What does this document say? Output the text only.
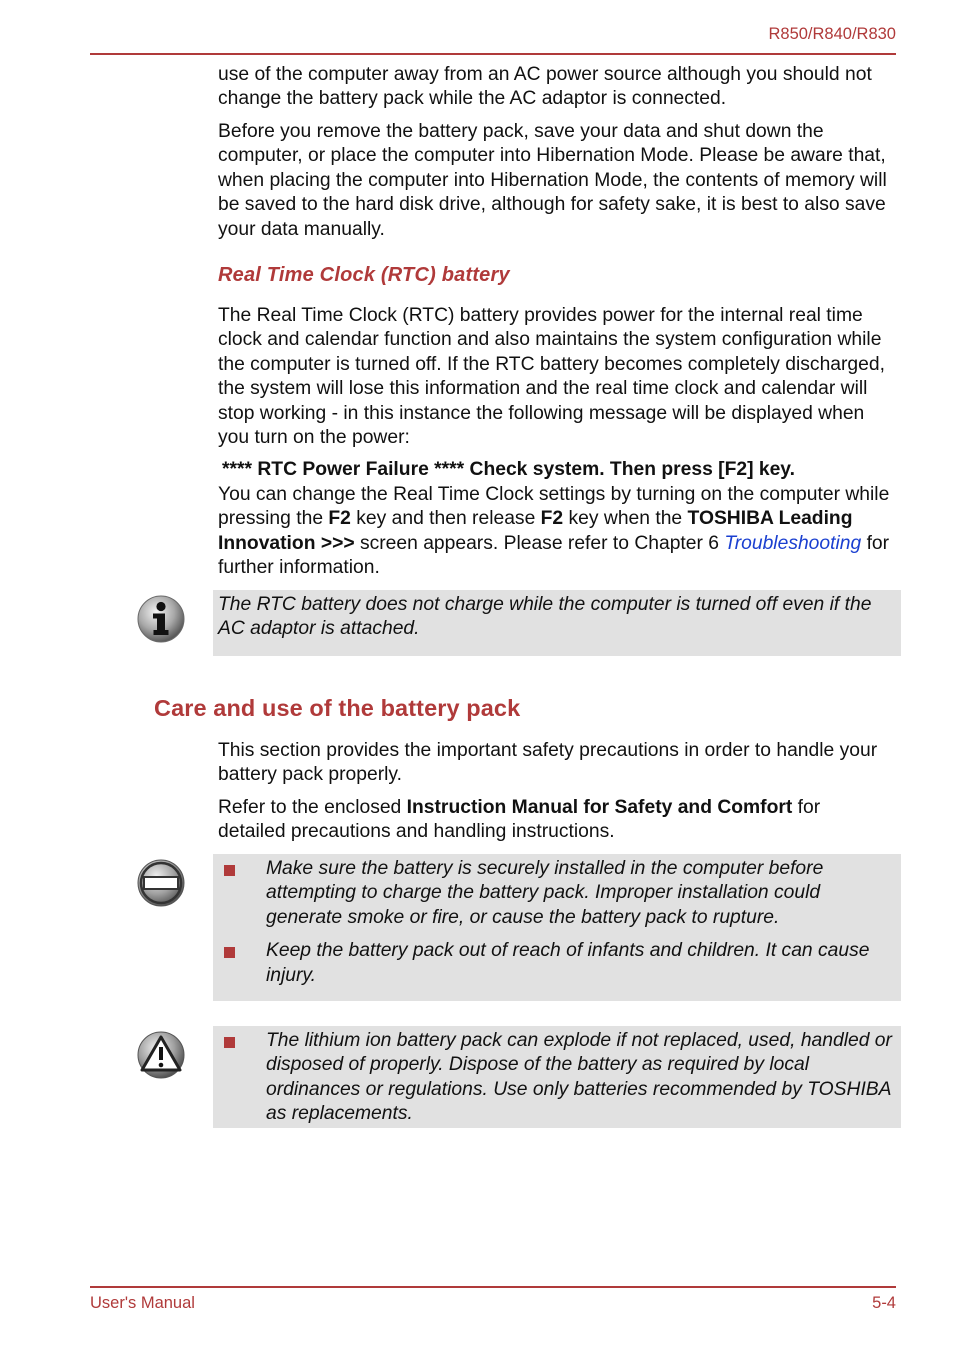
R850/R840/R830

use of the computer away from an AC power source although you should not change the battery pack while the AC adaptor is connected.

Before you remove the battery pack, save your data and shut down the computer, or place the computer into Hibernation Mode. Please be aware that, when placing the computer into Hibernation Mode, the contents of memory will be saved to the hard disk drive, although for safety sake, it is best to also save your data manually.

Real Time Clock (RTC) battery

The Real Time Clock (RTC) battery provides power for the internal real time clock and calendar function and also maintains the system configuration while the computer is turned off. If the RTC battery becomes completely discharged, the system will lose this information and the real time clock and calendar will stop working - in this instance the following message will be displayed when you turn on the power:

**** RTC Power Failure **** Check system. Then press [F2] key.

You can change the Real Time Clock settings by turning on the computer while pressing the F2 key and then release F2 key when the TOSHIBA Leading Innovation >>> screen appears. Please refer to Chapter 6 Troubleshooting for further information.

The RTC battery does not charge while the computer is turned off even if the AC adaptor is attached.

Care and use of the battery pack

This section provides the important safety precautions in order to handle your battery pack properly.

Refer to the enclosed Instruction Manual for Safety and Comfort for detailed precautions and handling instructions.

Make sure the battery is securely installed in the computer before attempting to charge the battery pack. Improper installation could generate smoke or fire, or cause the battery pack to rupture.

Keep the battery pack out of reach of infants and children. It can cause injury.

The lithium ion battery pack can explode if not replaced, used, handled or disposed of properly. Dispose of the battery as required by local ordinances or regulations. Use only batteries recommended by TOSHIBA as replacements.

User's Manual	5-4
